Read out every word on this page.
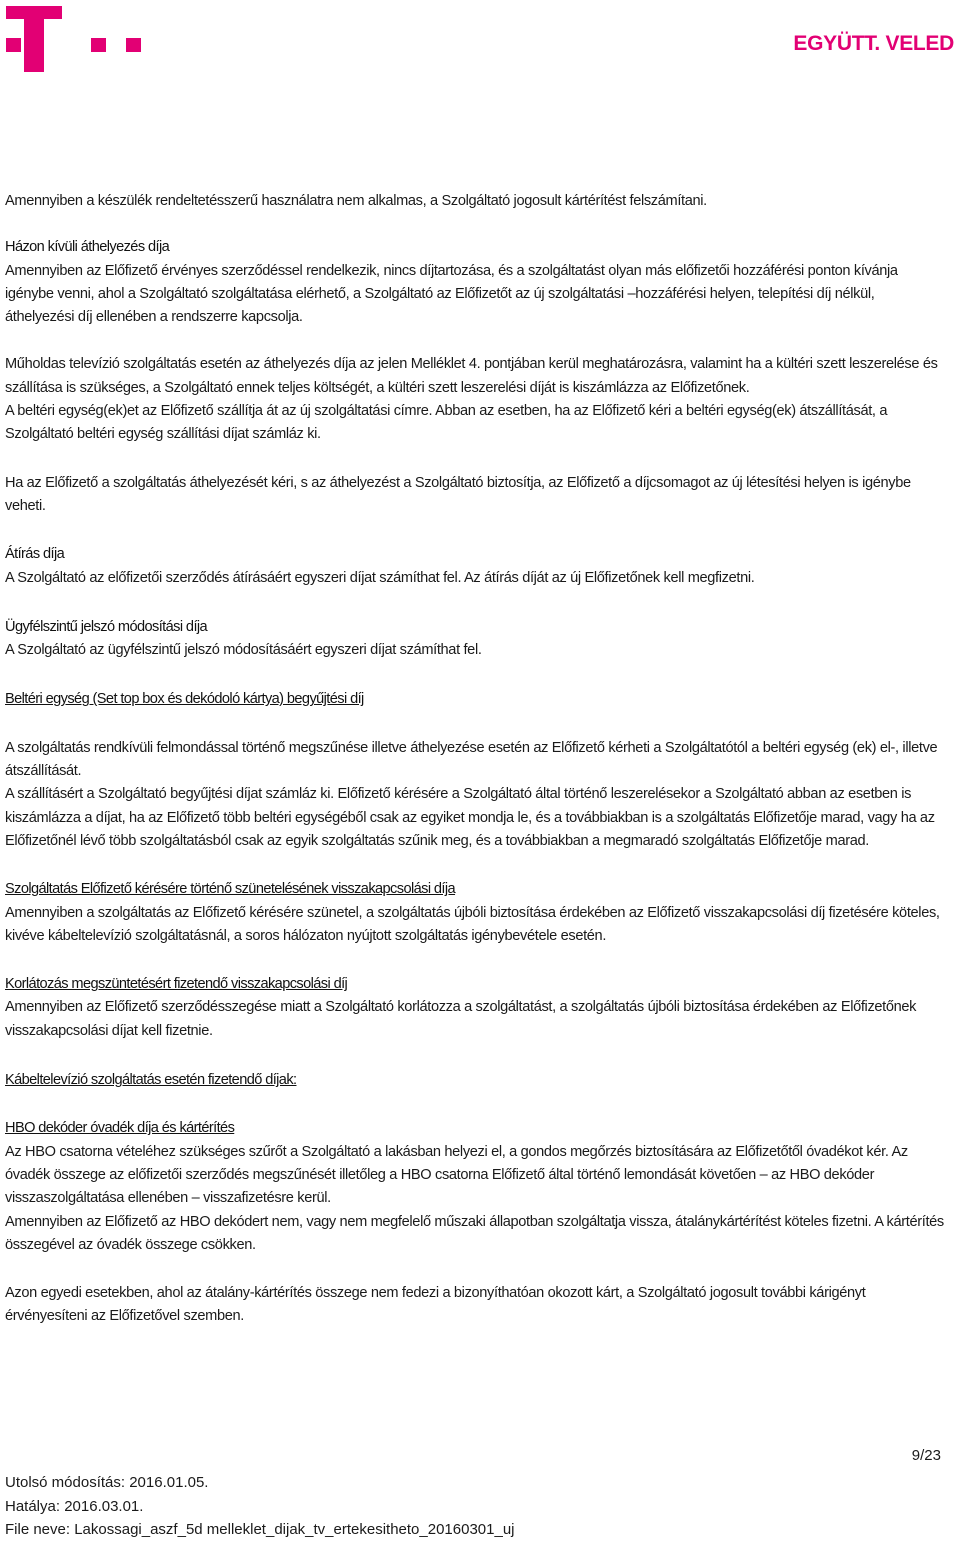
EGYÜTT. VELED

Amennyiben a készülék rendeltetésszerű használatra nem alkalmas, a Szolgáltató jogosult kártérítést felszámítani.

Házon kívüli áthelyezés díja

Amennyiben az Előfizető érvényes szerződéssel rendelkezik, nincs díjtartozása, és a szolgáltatást olyan más előfizetői hozzáférési ponton kívánja igénybe venni, ahol a Szolgáltató szolgáltatása elérhető, a Szolgáltató az Előfizetőt az új szolgáltatási –hozzáférési helyen, telepítési díj nélkül, áthelyezési díj ellenében a rendszerre kapcsolja.

Műholdas televízió szolgáltatás esetén az áthelyezés díja az jelen Melléklet 4. pontjában kerül meghatározásra, valamint ha a kültéri szett leszerelése és szállítása is szükséges, a Szolgáltató ennek teljes költségét, a kültéri szett leszerelési díját is kiszámlázza az Előfizetőnek.

A beltéri egység(ek)et az Előfizető szállítja át az új szolgáltatási címre. Abban az esetben, ha az Előfizető kéri a beltéri egység(ek) átszállítását, a Szolgáltató beltéri egység szállítási díjat számláz ki.

Ha az Előfizető a szolgáltatás áthelyezését kéri, s az áthelyezést a Szolgáltató biztosítja, az Előfizető a díjcsomagot az új létesítési helyen is igénybe veheti.

Átírás díja

A Szolgáltató az előfizetői szerződés átírásáért egyszeri díjat számíthat fel. Az átírás díját az új Előfizetőnek kell megfizetni.

Ügyfélszintű jelszó módosítási díja

A Szolgáltató az ügyfélszintű jelszó módosításáért egyszeri díjat számíthat fel.

Beltéri egység (Set top box és dekódoló kártya) begyűjtési díj

A szolgáltatás rendkívüli felmondással történő megszűnése illetve áthelyezése esetén az Előfizető kérheti a Szolgáltatótól a beltéri egység (ek) el-, illetve átszállítását.

A szállításért a Szolgáltató begyűjtési díjat számláz ki. Előfizető kérésére a Szolgáltató által történő leszerelésekor a Szolgáltató abban az esetben is kiszámlázza a díjat, ha az Előfizető több beltéri egységéből csak az egyiket mondja le, és a továbbiakban is a szolgáltatás Előfizetője marad, vagy ha az Előfizetőnél lévő több szolgáltatásból csak az egyik szolgáltatás szűnik meg, és a továbbiakban a megmaradó szolgáltatás Előfizetője marad.

Szolgáltatás Előfizető kérésére történő szünetelésének visszakapcsolási díja

Amennyiben a szolgáltatás az Előfizető kérésére szünetel, a szolgáltatás újbóli biztosítása érdekében az Előfizető visszakapcsolási díj fizetésére köteles, kivéve kábeltelevízió szolgáltatásnál, a soros hálózaton nyújtott szolgáltatás igénybevétele esetén.

Korlátozás megszüntetésért fizetendő visszakapcsolási díj

Amennyiben az Előfizető szerződésszegése miatt a Szolgáltató korlátozza a szolgáltatást, a szolgáltatás újbóli biztosítása érdekében az Előfizetőnek visszakapcsolási díjat kell fizetnie.

Kábeltelevízió szolgáltatás esetén fizetendő díjak:

HBO dekóder óvadék díja és kártérítés

Az HBO csatorna vételéhez szükséges szűrőt a Szolgáltató a lakásban helyezi el, a gondos megőrzés biztosítására az Előfizetőtől óvadékot kér. Az óvadék összege az előfizetői szerződés megszűnését illetőleg a HBO csatorna Előfizető által történő lemondását követően – az HBO dekóder visszaszolgáltatása ellenében – visszafizetésre kerül.

Amennyiben az Előfizető az HBO dekódert nem, vagy nem megfelelő műszaki állapotban szolgáltatja vissza, átalánykártérítést köteles fizetni. A kártérítés összegével az óvadék összege csökken.

Azon egyedi esetekben, ahol az átalány-kártérítés összege nem fedezi a bizonyíthatóan okozott kárt, a Szolgáltató jogosult további kárigényt érvényesíteni az Előfizetővel szemben.

9/23
Utolsó módosítás: 2016.01.05.
Hatálya: 2016.03.01.
File neve: Lakossagi_aszf_5d melleklet_dijak_tv_ertekesitheto_20160301_uj
